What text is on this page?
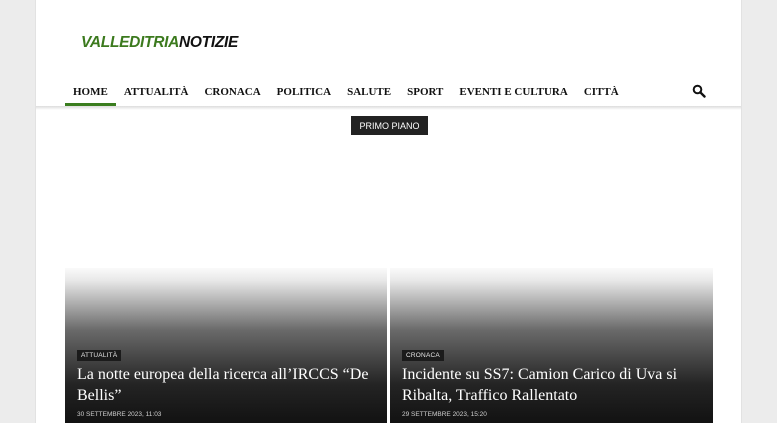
VALLEDITRIANOTIZIE
HOME	ATTUALITÀ	CRONACA	POLITICA	SALUTE	SPORT	EVENTI E CULTURA	CITTÀ
PRIMO PIANO
ATTUALITÀ
La notte europea della ricerca all’IRCCS “De Bellis”
30 SETTEMBRE 2023, 11:03
CRONACA
Incidente su SS7: Camion Carico di Uva si Ribalta, Traffico Rallentato
29 SETTEMBRE 2023, 15:20
